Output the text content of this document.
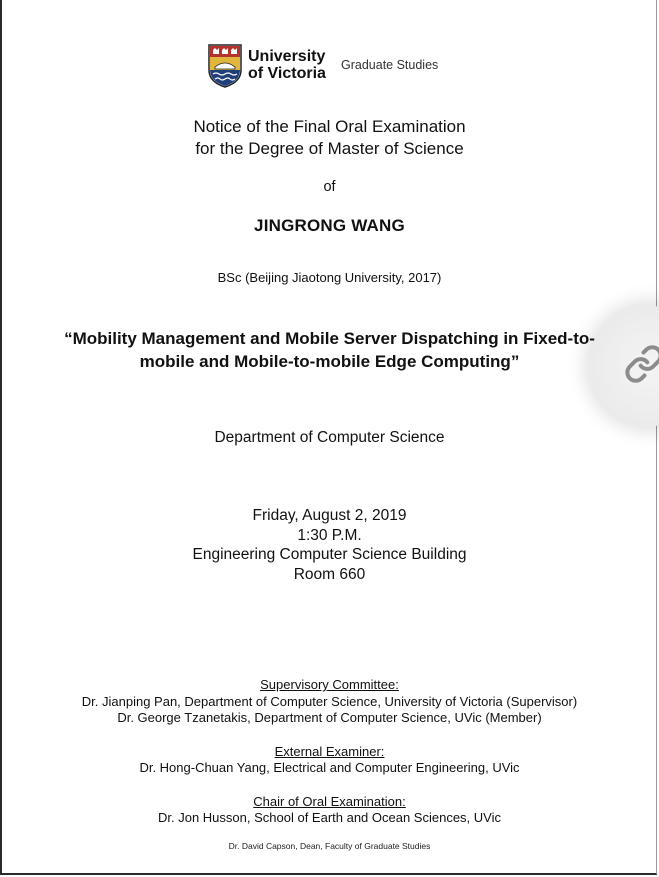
University
of Victoria Graduate Studies
Notice of the Final Oral Examination
for the Degree of Master of Science
of
JINGRONG WANG
BSc (Beijing Jiaotong University, 2017)
“Mobility Management and Mobile Server Dispatching in Fixed-to-
mobile and Mobile-to-mobile Edge Computing”
Department of Computer Science
Friday, August 2, 2019
1:30 P.M.
Engineering Computer Science Building
Room 660
Supervisory Committee:
Dr. Jianping Pan, Department of Computer Science, University of Victoria (Supervisor)
Dr. George Tzanetakis, Department of Computer Science, UVic (Member)
External Examiner:
Dr. Hong-Chuan Yang, Electrical and Computer Engineering, UVic
Chair of Oral Examination:
Dr. Jon Husson, School of Earth and Ocean Sciences, UVic
Dr. David Capson, Dean, Faculty of Graduate Studies
